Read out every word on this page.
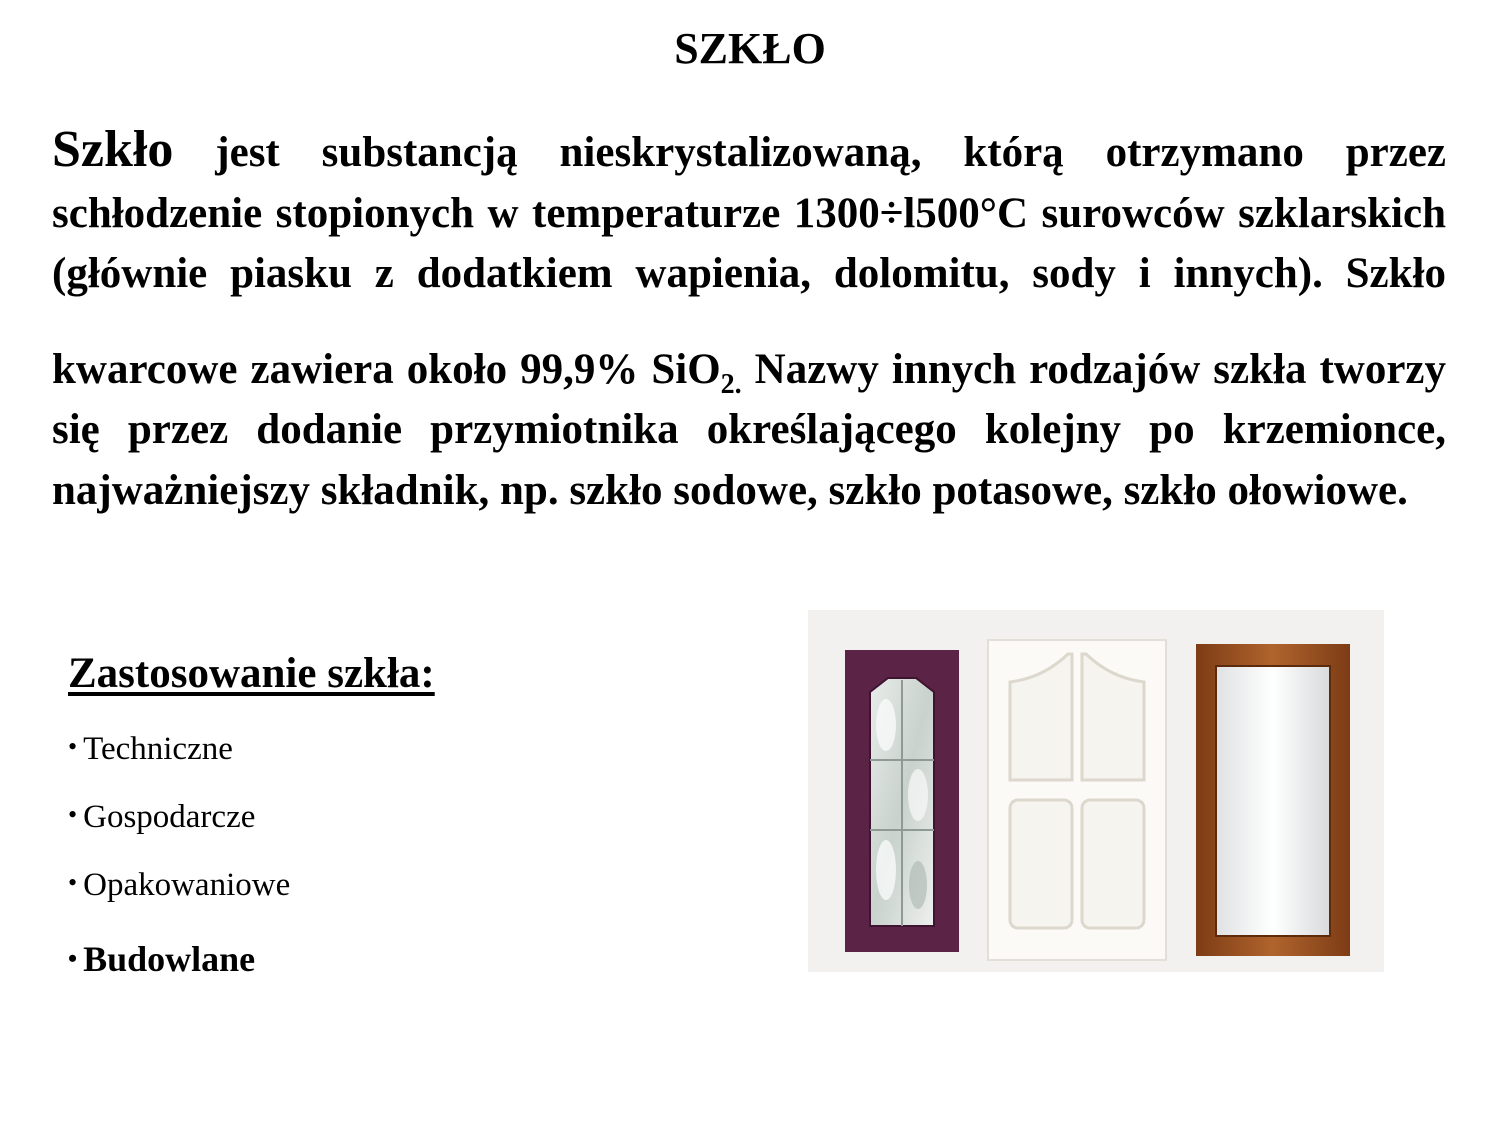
SZKŁO

Szkło jest substancją nieskrystalizowaną, którą otrzymano przez schłodzenie stopionych w temperaturze 1300÷l500°C surowców szklarskich (głównie piasku z dodatkiem wapienia, dolomitu, sody i innych). Szkło kwarcowe zawiera około 99,9% SiO$_{2.}$ Nazwy innych rodzajów szkła tworzy się przez dodanie przymiotnika określającego kolejny po krzemionce, najważniejszy składnik, np. szkło sodowe, szkło potasowe, szkło ołowiowe.

Zastosowanie szkła:
• Techniczne
• Gospodarcze
• Opakowaniowe
• Budowlane
